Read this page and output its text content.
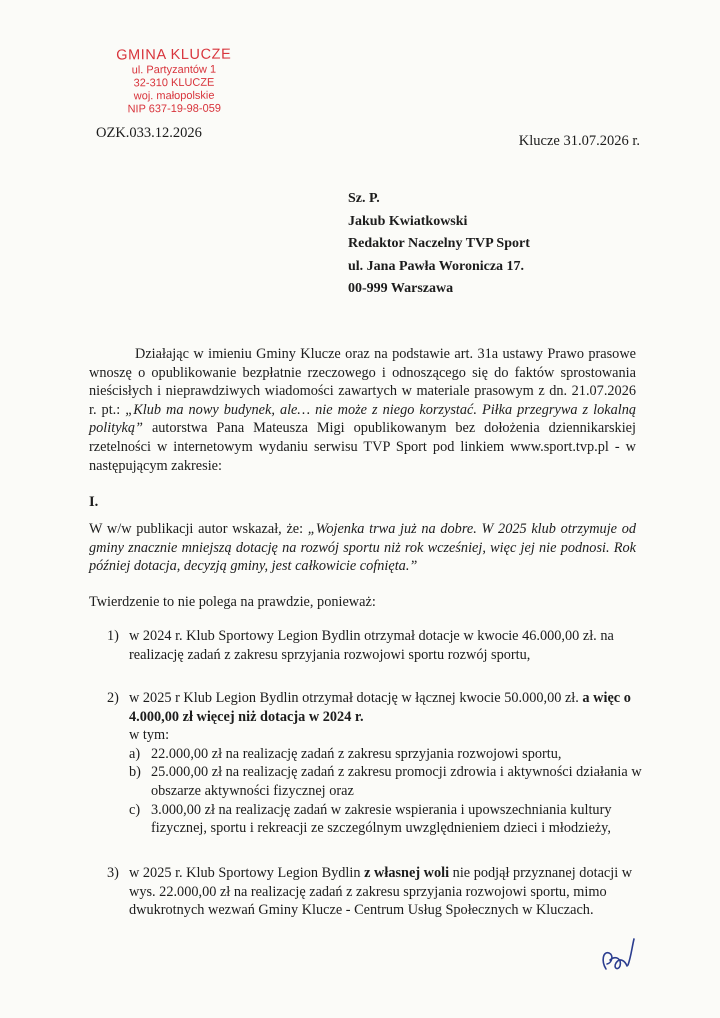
GMINA KLUCZE
ul. Partyzantów 1
32-310 KLUCZE
woj. małopolskie
NIP 637-19-98-059
OZK.033.12.2026	Klucze 31.07.2026 r.
Sz. P.
Jakub Kwiatkowski
Redaktor Naczelny TVP Sport
ul. Jana Pawła Woronicza 17.
00-999 Warszawa
Działając w imieniu Gminy Klucze oraz na podstawie art. 31a ustawy Prawo prasowe wnoszę o opublikowanie bezpłatnie rzeczowego i odnoszącego się do faktów sprostowania nieścisłych i nieprawdziwych wiadomości zawartych w materiale prasowym z dn. 21.07.2026 r. pt.: „Klub ma nowy budynek, ale… nie może z niego korzystać. Piłka przegrywa z lokalną polityką” autorstwa Pana Mateusza Migi opublikowanym bez dołożenia dziennikarskiej rzetelności w internetowym wydaniu serwisu TVP Sport pod linkiem www.sport.tvp.pl - w następującym zakresie:
I.
W w/w publikacji autor wskazał, że: „Wojenka trwa już na dobre. W 2025 klub otrzymuje od gminy znacznie mniejszą dotację na rozwój sportu niż rok wcześniej, więc jej nie podnosi. Rok później dotacja, decyzją gminy, jest całkowicie cofnięta.”
Twierdzenie to nie polega na prawdzie, ponieważ:
1) w 2024 r. Klub Sportowy Legion Bydlin otrzymał dotacje w kwocie 46.000,00 zł. na realizację zadań z zakresu sprzyjania rozwojowi sportu rozwój sportu,
2) w 2025 r Klub Legion Bydlin otrzymał dotację w łącznej kwocie 50.000,00 zł. a więc o 4.000,00 zł więcej niż dotacja w 2024 r.
w tym:
a) 22.000,00 zł na realizację zadań z zakresu sprzyjania rozwojowi sportu,
b) 25.000,00 zł na realizację zadań z zakresu promocji zdrowia i aktywności działania w obszarze aktywności fizycznej oraz
c) 3.000,00 zł na realizację zadań w zakresie wspierania i upowszechniania kultury fizycznej, sportu i rekreacji ze szczególnym uwzględnieniem dzieci i młodzieży,
3) w 2025 r. Klub Sportowy Legion Bydlin z własnej woli nie podjął przyznanej dotacji w wys. 22.000,00 zł na realizację zadań z zakresu sprzyjania rozwojowi sportu, mimo dwukrotnych wezwań Gminy Klucze - Centrum Usług Społecznych w Kluczach.
